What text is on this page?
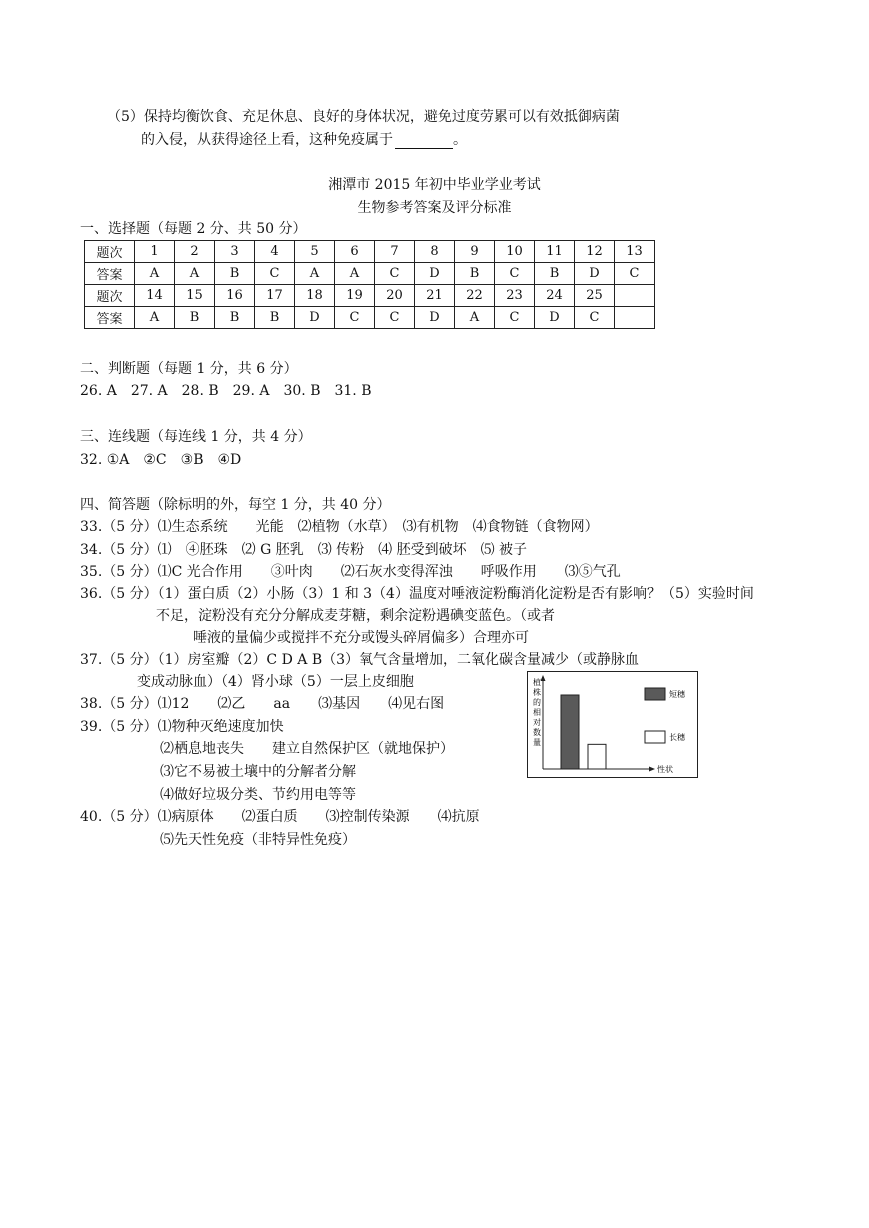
（5）保持均衡饮食、充足休息、良好的身体状况，避免过度劳累可以有效抵御病菌
的入侵，从获得途径上看，这种免疫属于	。
湘潭市 2015 年初中毕业学业考试
生物参考答案及评分标准
一、选择题（每题 2 分、共 50 分）
题次	1	2	3	4	5	6	7	8	9	10	11	12	13
答案	A	A	B	C	A	A	C	D	B	C	B	D	C
题次	14	15	16	17	18	19	20	21	22	23	24	25	
答案	A	B	B	B	D	C	C	D	A	C	D	C	
二、判断题（每题 1 分，共 6 分）
26. A　27. A　28. B　29. A　30. B　31. B
三、连线题（每连线 1 分，共 4 分）
32. ①A　②C　③B　④D
四、简答题（除标明的外，每空 1 分，共 40 分）
33.（5 分）⑴生态系统　　光能　⑵植物（水草）　⑶有机物　⑷食物链（食物网）
34.（5 分）⑴　④胚珠　⑵ G 胚乳　⑶ 传粉　⑷ 胚受到破坏　⑸ 被子
35.（5 分）⑴C 光合作用　　③叶肉　　⑵石灰水变得浑浊　　呼吸作用　　⑶⑤气孔
36.（5 分）（1）蛋白质（2）小肠（3）1 和 3（4）温度对唾液淀粉酶消化淀粉是否有影响？（5）实验时间
不足，淀粉没有充分分解成麦芽糖，剩余淀粉遇碘变蓝色。（或者
唾液的量偏少或搅拌不充分或馒头碎屑偏多）合理亦可
37.（5 分）（1）房室瓣（2）C D A B（3）氧气含量增加，二氧化碳含量减少（或静脉血
变成动脉血）（4）肾小球（5）一层上皮细胞
38.（5 分）⑴12　　⑵乙　　aa　　⑶基因　　⑷见右图
39.（5 分）⑴物种灭绝速度加快
⑵栖息地丧失　　建立自然保护区（就地保护）
⑶它不易被土壤中的分解者分解
⑷做好垃圾分类、节约用电等等
40.（5 分）⑴病原体　　⑵蛋白质　　⑶控制传染源　　⑷抗原
⑸先天性免疫（非特异性免疫）
植株的相对数量
性状
短穗
长穗
